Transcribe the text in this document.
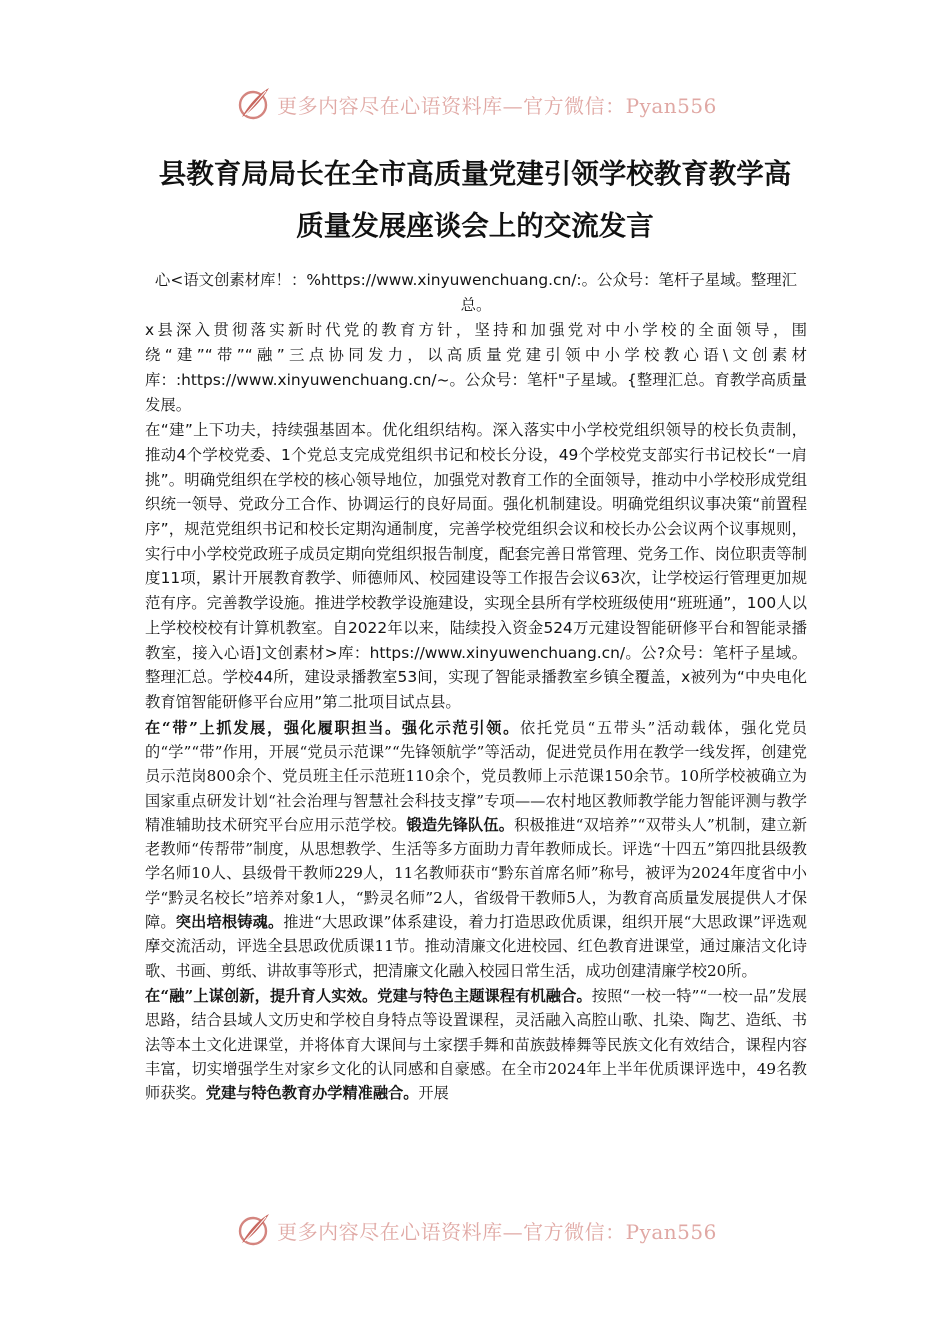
更多内容尽在心语资料库—官方微信：Pyan556
县教育局局长在全市高质量党建引领学校教育教学高
质量发展座谈会上的交流发言

心<语文创素材库！：%https://www.xinyuwenchuang.cn/:。公众号：笔杆子星域。整理汇总。

x县深入贯彻落实新时代党的教育方针，坚持和加强党对中小学校的全面领导，围绕“建”“带”“融”三点协同发力，以高质量党建引领中小学校教心语\文创素材库：:https://www.xinyuwenchuang.cn/~。公众号：笔杆"子星域。{整理汇总。育教学高质量发展。

在“建”上下功夫，持续强基固本。优化组织结构。深入落实中小学校党组织领导的校长负责制，推动4个学校党委、1个党总支完成党组织书记和校长分设，49个学校党支部实行书记校长“一肩挑”。明确党组织在学校的核心领导地位，加强党对教育工作的全面领导，推动中小学校形成党组织统一领导、党政分工合作、协调运行的良好局面。强化机制建设。明确党组织议事决策“前置程序”，规范党组织书记和校长定期沟通制度，完善学校党组织会议和校长办公会议两个议事规则，实行中小学校党政班子成员定期向党组织报告制度，配套完善日常管理、党务工作、岗位职责等制度11项，累计开展教育教学、师德师风、校园建设等工作报告会议63次，让学校运行管理更加规范有序。完善教学设施。推进学校教学设施建设，实现全县所有学校班级使用“班班通”，100人以上学校校校有计算机教室。自2022年以来，陆续投入资金524万元建设智能研修平台和智能录播教室，接入心语]文创素材>库：https://www.xinyuwenchuang.cn/。公?众号：笔杆子星域。整理汇总。学校44所，建设录播教室53间，实现了智能录播教室乡镇全覆盖，x被列为“中央电化教育馆智能研修平台应用”第二批项目试点县。

在“带”上抓发展，强化履职担当。强化示范引领。依托党员“五带头”活动载体，强化党员的“学”“带”作用，开展“党员示范课”“先锋领航学”等活动，促进党员作用在教学一线发挥，创建党员示范岗800余个、党员班主任示范班110余个，党员教师上示范课150余节。10所学校被确立为国家重点研发计划“社会治理与智慧社会科技支撑”专项——农村地区教师教学能力智能评测与教学精准辅助技术研究平台应用示范学校。锻造先锋队伍。积极推进“双培养”“双带头人”机制，建立新老教师“传帮带”制度，从思想教学、生活等多方面助力青年教师成长。评选“十四五”第四批县级教学名师10人、县级骨干教师229人，11名教师获市“黔东首席名师”称号，被评为2024年度省中小学“黔灵名校长”培养对象1人，“黔灵名师”2人，省级骨干教师5人，为教育高质量发展提供人才保障。突出培根铸魂。推进“大思政课”体系建设，着力打造思政优质课，组织开展“大思政课”评选观摩交流活动，评选全县思政优质课11节。推动清廉文化进校园、红色教育进课堂，通过廉洁文化诗歌、书画、剪纸、讲故事等形式，把清廉文化融入校园日常生活，成功创建清廉学校20所。

在“融”上谋创新，提升育人实效。党建与特色主题课程有机融合。按照“一校一特”“一校一品”发展思路，结合县域人文历史和学校自身特点等设置课程，灵活融入高腔山歌、扎染、陶艺、造纸、书法等本土文化进课堂，并将体育大课间与土家摆手舞和苗族鼓棒舞等民族文化有效结合，课程内容丰富，切实增强学生对家乡文化的认同感和自豪感。在全市2024年上半年优质课评选中，49名教师获奖。党建与特色教育办学精准融合。开展

更多内容尽在心语资料库—官方微信：Pyan556
